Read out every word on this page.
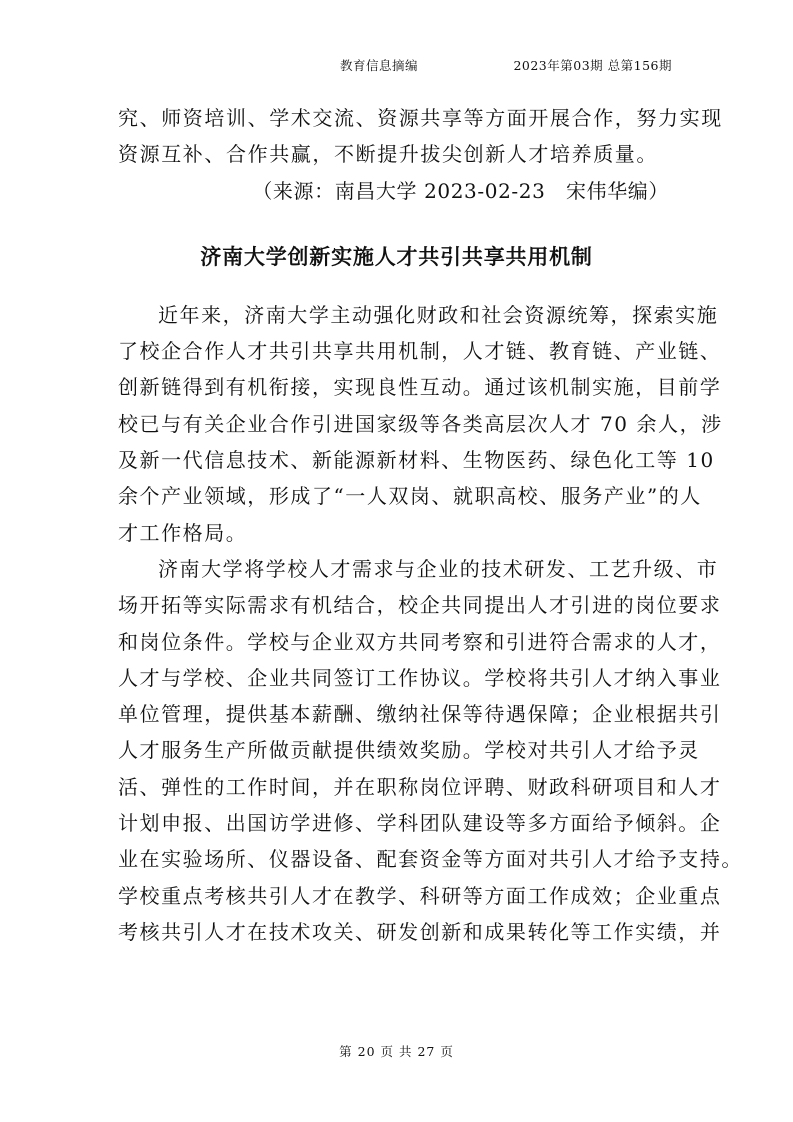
教育信息摘编	2023年第03期 总第156期
究、师资培训、学术交流、资源共享等方面开展合作，努力实现
资源互补、合作共赢，不断提升拔尖创新人才培养质量。
（来源：南昌大学 2023-02-23　宋伟华编）
济南大学创新实施人才共引共享共用机制
近年来，济南大学主动强化财政和社会资源统筹，探索实施
了校企合作人才共引共享共用机制，人才链、教育链、产业链、
创新链得到有机衔接，实现良性互动。通过该机制实施，目前学
校已与有关企业合作引进国家级等各类高层次人才 70 余人，涉
及新一代信息技术、新能源新材料、生物医药、绿色化工等 10
余个产业领域，形成了“一人双岗、就职高校、服务产业”的人
才工作格局。
济南大学将学校人才需求与企业的技术研发、工艺升级、市
场开拓等实际需求有机结合，校企共同提出人才引进的岗位要求
和岗位条件。学校与企业双方共同考察和引进符合需求的人才，
人才与学校、企业共同签订工作协议。学校将共引人才纳入事业
单位管理，提供基本薪酬、缴纳社保等待遇保障；企业根据共引
人才服务生产所做贡献提供绩效奖励。学校对共引人才给予灵
活、弹性的工作时间，并在职称岗位评聘、财政科研项目和人才
计划申报、出国访学进修、学科团队建设等多方面给予倾斜。企
业在实验场所、仪器设备、配套资金等方面对共引人才给予支持。
学校重点考核共引人才在教学、科研等方面工作成效；企业重点
考核共引人才在技术攻关、研发创新和成果转化等工作实绩，并
第 20 页 共 27 页
